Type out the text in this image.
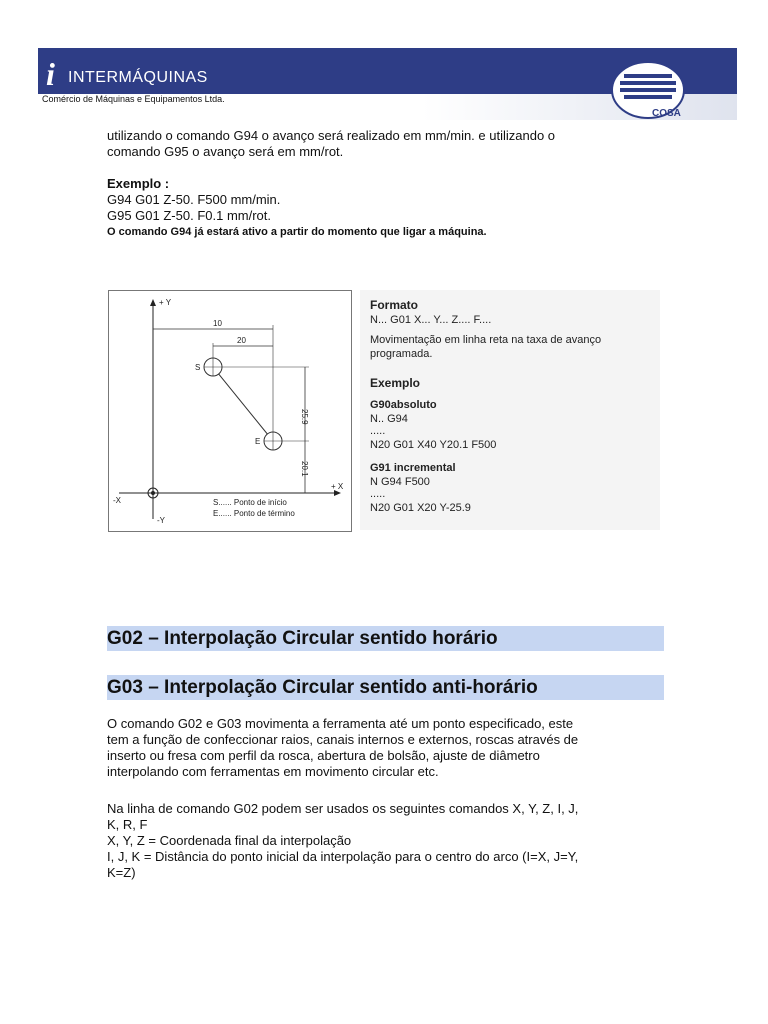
i INTERMÁQUINAS
Comércio de Máquinas e Equipamentos Ltda.
COSA
utilizando o comando G94 o avanço será realizado em mm/min. e utilizando o
comando G95 o avanço será em mm/rot.
Exemplo :
G94 G01 Z-50. F500 mm/min.
G95 G01 Z-50. F0.1 mm/rot.
O comando G94 já estará ativo a partir do momento que ligar a máquina.
+ Y
-Y
+ X
-X
10
20
25.9
20.1
S
E
S...... Ponto de início
E...... Ponto de término
Formato
N... G01 X... Y... Z.... F....
Movimentação em linha reta na taxa de avanço
programada.
Exemplo
G90absoluto
N.. G94
.....
N20 G01 X40 Y20.1 F500
G91 incremental
N G94 F500
.....
N20 G01 X20 Y-25.9
G02 – Interpolação Circular sentido horário
G03 – Interpolação Circular sentido anti-horário
O comando G02 e G03 movimenta a ferramenta até um ponto especificado, este
tem a função de confeccionar raios, canais internos e externos, roscas através de
inserto ou fresa com perfil da rosca, abertura de bolsão, ajuste de diâmetro
interpolando com ferramentas em movimento circular etc.
Na linha de comando G02 podem ser usados os seguintes comandos X, Y, Z, I, J,
K, R, F
X, Y, Z = Coordenada final da interpolação
I, J, K = Distância do ponto inicial da interpolação para o centro do arco (I=X, J=Y,
K=Z)
